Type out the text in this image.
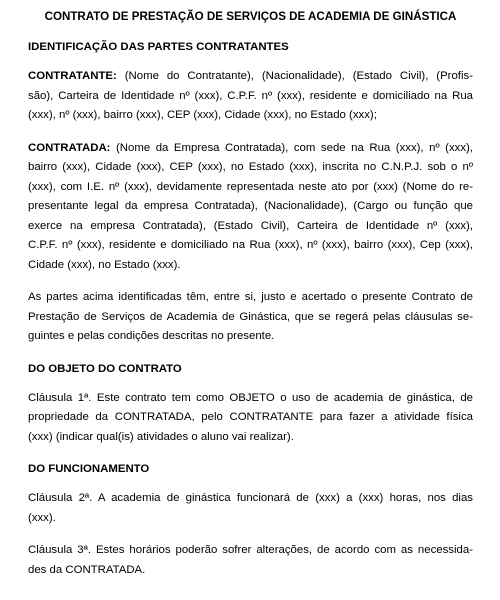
CONTRATO DE PRESTAÇÃO DE SERVIÇOS DE ACADEMIA DE GINÁSTICA
IDENTIFICAÇÃO DAS PARTES CONTRATANTES

CONTRATANTE: (Nome do Contratante), (Nacionalidade), (Estado Civil), (Profis-
são), Carteira de Identidade nº (xxx), C.P.F. nº (xxx), residente e domiciliado na Rua
(xxx), nº (xxx), bairro (xxx), CEP (xxx), Cidade (xxx), no Estado (xxx);

CONTRATADA: (Nome da Empresa Contratada), com sede na Rua (xxx), nº (xxx),
bairro (xxx), Cidade (xxx), CEP (xxx), no Estado (xxx), inscrita no C.N.P.J. sob o nº
(xxx), com I.E. nº (xxx), devidamente representada neste ato por (xxx) (Nome do re-
presentante legal da empresa Contratada), (Nacionalidade), (Cargo ou função que
exerce na empresa Contratada), (Estado Civil), Carteira de Identidade nº (xxx),
C.P.F. nº (xxx), residente e domiciliado na Rua (xxx), nº (xxx), bairro (xxx), Cep (xxx),
Cidade (xxx), no Estado (xxx).

As partes acima identificadas têm, entre si, justo e acertado o presente Contrato de
Prestação de Serviços de Academia de Ginástica, que se regerá pelas cláusulas se-
guintes e pelas condições descritas no presente.

DO OBJETO DO CONTRATO

Cláusula 1ª. Este contrato tem como OBJETO o uso de academia de ginástica, de
propriedade da CONTRATADA, pelo CONTRATANTE para fazer a atividade física
(xxx) (indicar qual(is) atividades o aluno vai realizar).

DO FUNCIONAMENTO

Cláusula 2ª. A academia de ginástica funcionará de (xxx) a (xxx) horas, nos dias
(xxx).

Cláusula 3ª. Estes horários poderão sofrer alterações, de acordo com as necessida-
des da CONTRATADA.
